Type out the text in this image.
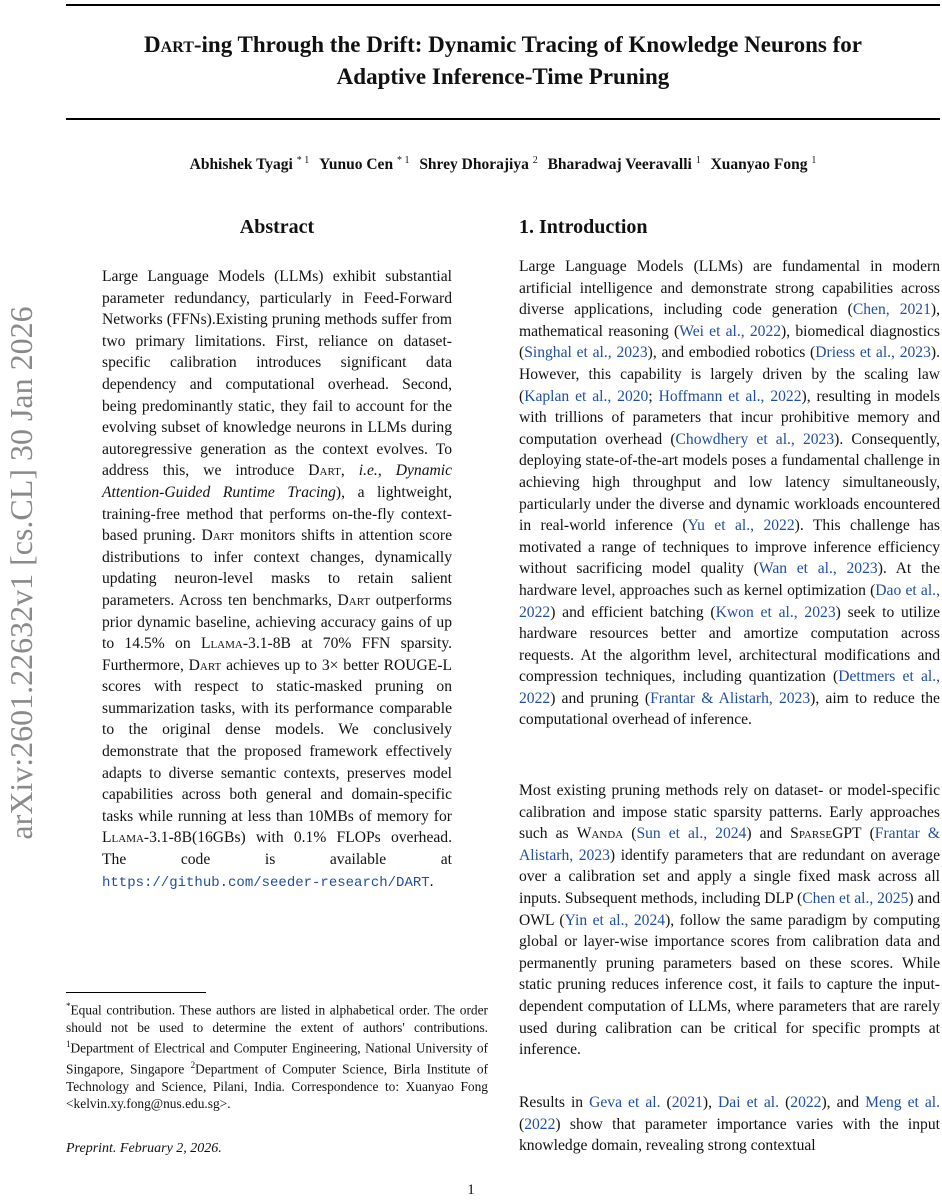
Dart-ing Through the Drift: Dynamic Tracing of Knowledge Neurons for
Adaptive Inference-Time Pruning
Abhishek Tyagi $^{* 1}$ Yunuo Cen $^{* 1}$ Shrey Dhorajiya $^2$ Bharadwaj Veeravalli $^1$ Xuanyao Fong $^1$
arXiv:2601.22632v1 [cs.CL] 30 Jan 2026
Abstract

Large Language Models (LLMs) exhibit substantial parameter redundancy, particularly in Feed-Forward Networks (FFNs).Existing pruning methods suffer from two primary limitations. First, reliance on dataset-specific calibration introduces significant data dependency and computational overhead. Second, being predominantly static, they fail to account for the evolving subset of knowledge neurons in LLMs during autoregressive generation as the context evolves. To address this, we introduce Dart, i.e., Dynamic Attention-Guided Runtime Tracing), a lightweight, training-free method that performs on-the-fly context-based pruning. Dart monitors shifts in attention score distributions to infer context changes, dynamically updating neuron-level masks to retain salient parameters. Across ten benchmarks, Dart outperforms prior dynamic baseline, achieving accuracy gains of up to 14.5% on Llama-3.1-8B at 70% FFN sparsity. Furthermore, Dart achieves up to 3× better ROUGE-L scores with respect to static-masked pruning on summarization tasks, with its performance comparable to the original dense models. We conclusively demonstrate that the proposed framework effectively adapts to diverse semantic contexts, preserves model capabilities across both general and domain-specific tasks while running at less than 10MBs of memory for Llama-3.1-8B(16GBs) with 0.1% FLOPs overhead. The code is available at https://github.com/seeder-research/DART.

*Equal contribution. These authors are listed in alphabetical order. The order should not be used to determine the extent of authors' contributions. $^1$Department of Electrical and Computer Engineering, National University of Singapore, Singapore $^2$Department of Computer Science, Birla Institute of Technology and Science, Pilani, India. Correspondence to: Xuanyao Fong <kelvin.xy.fong@nus.edu.sg>.

Preprint. February 2, 2026.
1. Introduction

Large Language Models (LLMs) are fundamental in modern artificial intelligence and demonstrate strong capabilities across diverse applications, including code generation (Chen, 2021), mathematical reasoning (Wei et al., 2022), biomedical diagnostics (Singhal et al., 2023), and embodied robotics (Driess et al., 2023). However, this capability is largely driven by the scaling law (Kaplan et al., 2020; Hoffmann et al., 2022), resulting in models with trillions of parameters that incur prohibitive memory and computation overhead (Chowdhery et al., 2023). Consequently, deploying state-of-the-art models poses a fundamental challenge in achieving high throughput and low latency simultaneously, particularly under the diverse and dynamic workloads encountered in real-world inference (Yu et al., 2022). This challenge has motivated a range of techniques to improve inference efficiency without sacrificing model quality (Wan et al., 2023). At the hardware level, approaches such as kernel optimization (Dao et al., 2022) and efficient batching (Kwon et al., 2023) seek to utilize hardware resources better and amortize computation across requests. At the algorithm level, architectural modifications and compression techniques, including quantization (Dettmers et al., 2022) and pruning (Frantar & Alistarh, 2023), aim to reduce the computational overhead of inference.

Most existing pruning methods rely on dataset- or model-specific calibration and impose static sparsity patterns. Early approaches such as Wanda (Sun et al., 2024) and SparseGPT (Frantar & Alistarh, 2023) identify parameters that are redundant on average over a calibration set and apply a single fixed mask across all inputs. Subsequent methods, including DLP (Chen et al., 2025) and OWL (Yin et al., 2024), follow the same paradigm by computing global or layer-wise importance scores from calibration data and permanently pruning parameters based on these scores. While static pruning reduces inference cost, it fails to capture the input-dependent computation of LLMs, where parameters that are rarely used during calibration can be critical for specific prompts at inference.

Results in Geva et al. (2021), Dai et al. (2022), and Meng et al. (2022) show that parameter importance varies with the input knowledge domain, revealing strong contextual

1
